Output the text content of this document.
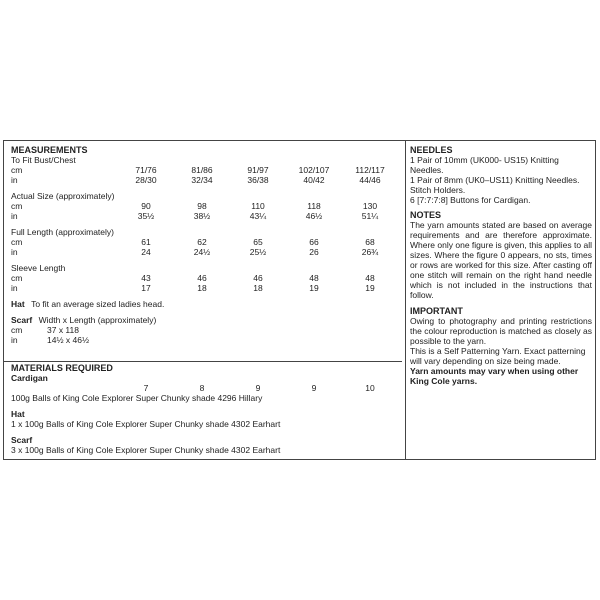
MEASUREMENTS
To Fit Bust/Chest
cm	71/76	81/86	91/97	102/107	112/117
in	28/30	32/34	36/38	40/42	44/46
Actual Size (approximately)
cm	90	98	110	118	130
in	35½	38½	43¼	46½	51¼
Full Length (approximately)
cm	61	62	65	66	68
in	24	24½	25½	26	26¾
Sleeve Length
cm	43	46	46	48	48
in	17	18	18	19	19
Hat To fit an average sized ladies head.
Scarf Width x Length (approximately)
cm	37 x 118
in	14½ x 46½
MATERIALS REQUIRED
Cardigan
7	8	9	9	10
100g Balls of King Cole Explorer Super Chunky shade 4296 Hillary
Hat
1 x 100g Balls of King Cole Explorer Super Chunky shade 4302 Earhart
Scarf
3 x 100g Balls of King Cole Explorer Super Chunky shade 4302 Earhart
NEEDLES
1 Pair of 10mm (UK000- US15) Knitting Needles.
1 Pair of 8mm (UK0–US11) Knitting Needles.
Stitch Holders.
6 [7:7:7:8] Buttons for Cardigan.
NOTES
The yarn amounts stated are based on average requirements and are therefore approximate. Where only one figure is given, this applies to all sizes. Where the figure 0 appears, no sts, times or rows are worked for this size. After casting off one stitch will remain on the right hand needle which is not included in the instructions that follow.
IMPORTANT
Owing to photography and printing restrictions the colour reproduction is matched as closely as possible to the yarn.
This is a Self Patterning Yarn. Exact patterning will vary depending on size being made.
Yarn amounts may vary when using other King Cole yarns.
